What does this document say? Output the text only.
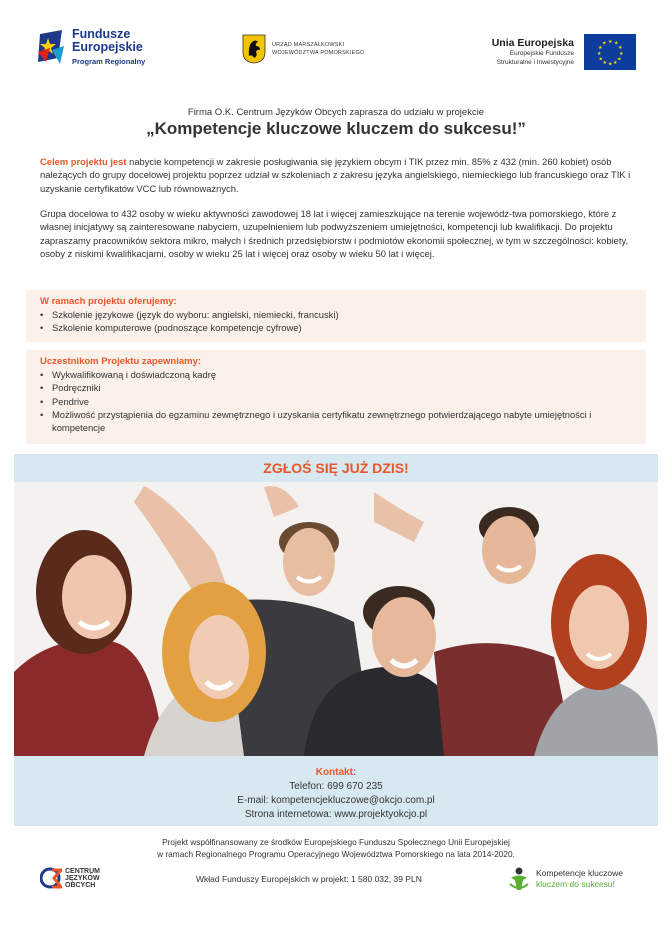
Fundusze
Europejskie
Program Regionalny
URZĄD MARSZAŁKOWSKI
WOJEWÓDZTWA POMORSKIEGO
Unia Europejska
Europejskie Fundusze
Strukturalne i Inwestycyjne
★ ★
★
★
★
★
★
★
★
★
★
★
Firma O.K. Centrum Języków Obcych zaprasza do udziału w projekcie
„Kompetencje kluczowe kluczem do sukcesu!”
Celem projektu jest nabycie kompetencji w zakresie posługiwania się językiem obcym i TIK przez min. 85% z 432 (min. 260 kobiet) osób należących do grupy docelowej projektu poprzez udział w szkoleniach z zakresu języka angielskiego, niemieckiego lub francuskiego oraz TIK i uzyskanie certyfikatów VCC lub równoważnych.
Grupa docelowa to 432 osoby w wieku aktywności zawodowej 18 lat i więcej zamieszkujące na terenie wojewódz-twa pomorskiego, które z własnej inicjatywy są zainteresowane nabyciem, uzupełnieniem lub podwyższeniem umiejętności, kompetencji lub kwalifikacji. Do projektu zapraszamy pracowników sektora mikro, małych i średnich przedsiębiorstw i podmiotów ekonomii społecznej, w tym w szczególności: kobiety, osoby z niskimi kwalifikacjami, osoby w wieku 25 lat i więcej oraz osoby w wieku 50 lat i więcej.
W ramach projektu oferujemy:
• Szkolenie językowe (język do wyboru: angielski, niemiecki, francuski)
• Szkolenie komputerowe (podnoszące kompetencje cyfrowe)
Uczestnikom Projektu zapewniamy:
• Wykwalifikowaną i doświadczoną kadrę
• Podręczniki
• Pendrive
• Możliwość przystąpienia do egzaminu zewnętrznego i uzyskania certyfikatu zewnętrznego potwierdzającego nabyte umiejętności i kompetencje
ZGŁOŚ SIĘ JUŻ DZIS!
Kontakt:
Telefon: 699 670 235
E-mail: kompetencjekluczowe@okcjo.com.pl
Strona internetowa: www.projektyokcjo.pl
Projekt współfinansowany ze środków Europejskiego Funduszu Społecznego Unii Europejskiej
w ramach Regionalnego Programu Operacyjnego Województwa Pomorskiego na lata 2014-2020.
CENTRUM
JĘZYKÓW
OBCYCH
Wkład Funduszy Europejskich w projekt: 1 580 032, 39 PLN
Kompetencje kluczowe
kluczem do sukcesu!
